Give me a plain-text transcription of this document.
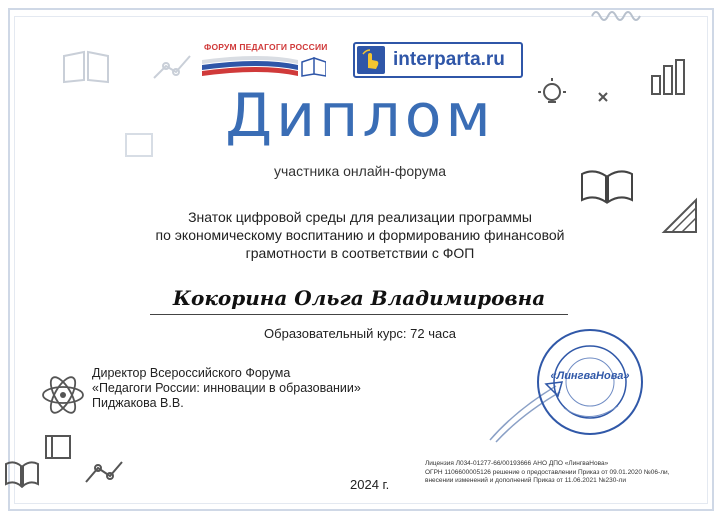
ФОРУМ ПЕДАГОГИ РОССИИ
interparta.ru
Диплом
участника онлайн-форума
Знаток цифровой среды для реализации программы
по экономическому воспитанию и формированию финансовой
грамотности в соответствии с ФОП
Кокорина Ольга Владимировна
Образовательный курс: 72 часа
Директор Всероссийского Форума
«Педагоги России: инновации в образовании»
Пиджакова В.В.
«ЛингваНова»
2024 г.
Лицензия Л034-01277-66/00193666 АНО ДПО «ЛингваНова»
ОГРН 1106600005126 решение о предоставлении Приказ от 09.01.2020 №06-ли,
внесении изменений и дополнений Приказ от 11.06.2021 №230-ли
